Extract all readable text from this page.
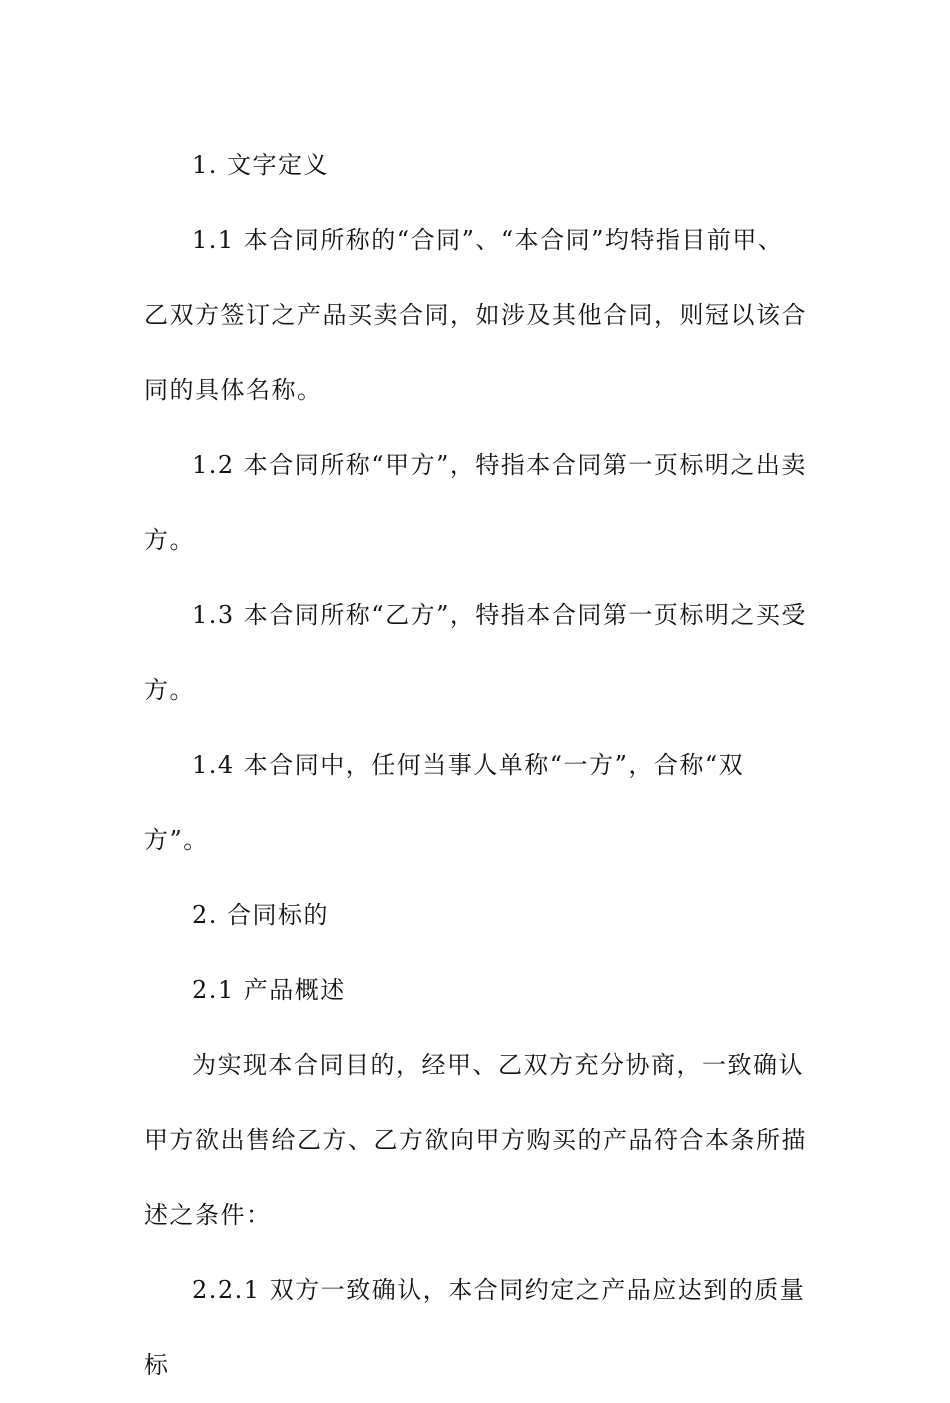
1. 文字定义

1.1 本合同所称的“合同”、“本合同”均特指目前甲、乙双方签订之产品买卖合同，如涉及其他合同，则冠以该合同的具体名称。

1.2 本合同所称“甲方”，特指本合同第一页标明之出卖方。

1.3 本合同所称“乙方”，特指本合同第一页标明之买受方。

1.4 本合同中，任何当事人单称“一方”，合称“双方”。

2. 合同标的

2.1 产品概述

为实现本合同目的，经甲、乙双方充分协商，一致确认甲方欲出售给乙方、乙方欲向甲方购买的产品符合本条所描述之条件：

2.2.1 双方一致确认，本合同约定之产品应达到的质量标
